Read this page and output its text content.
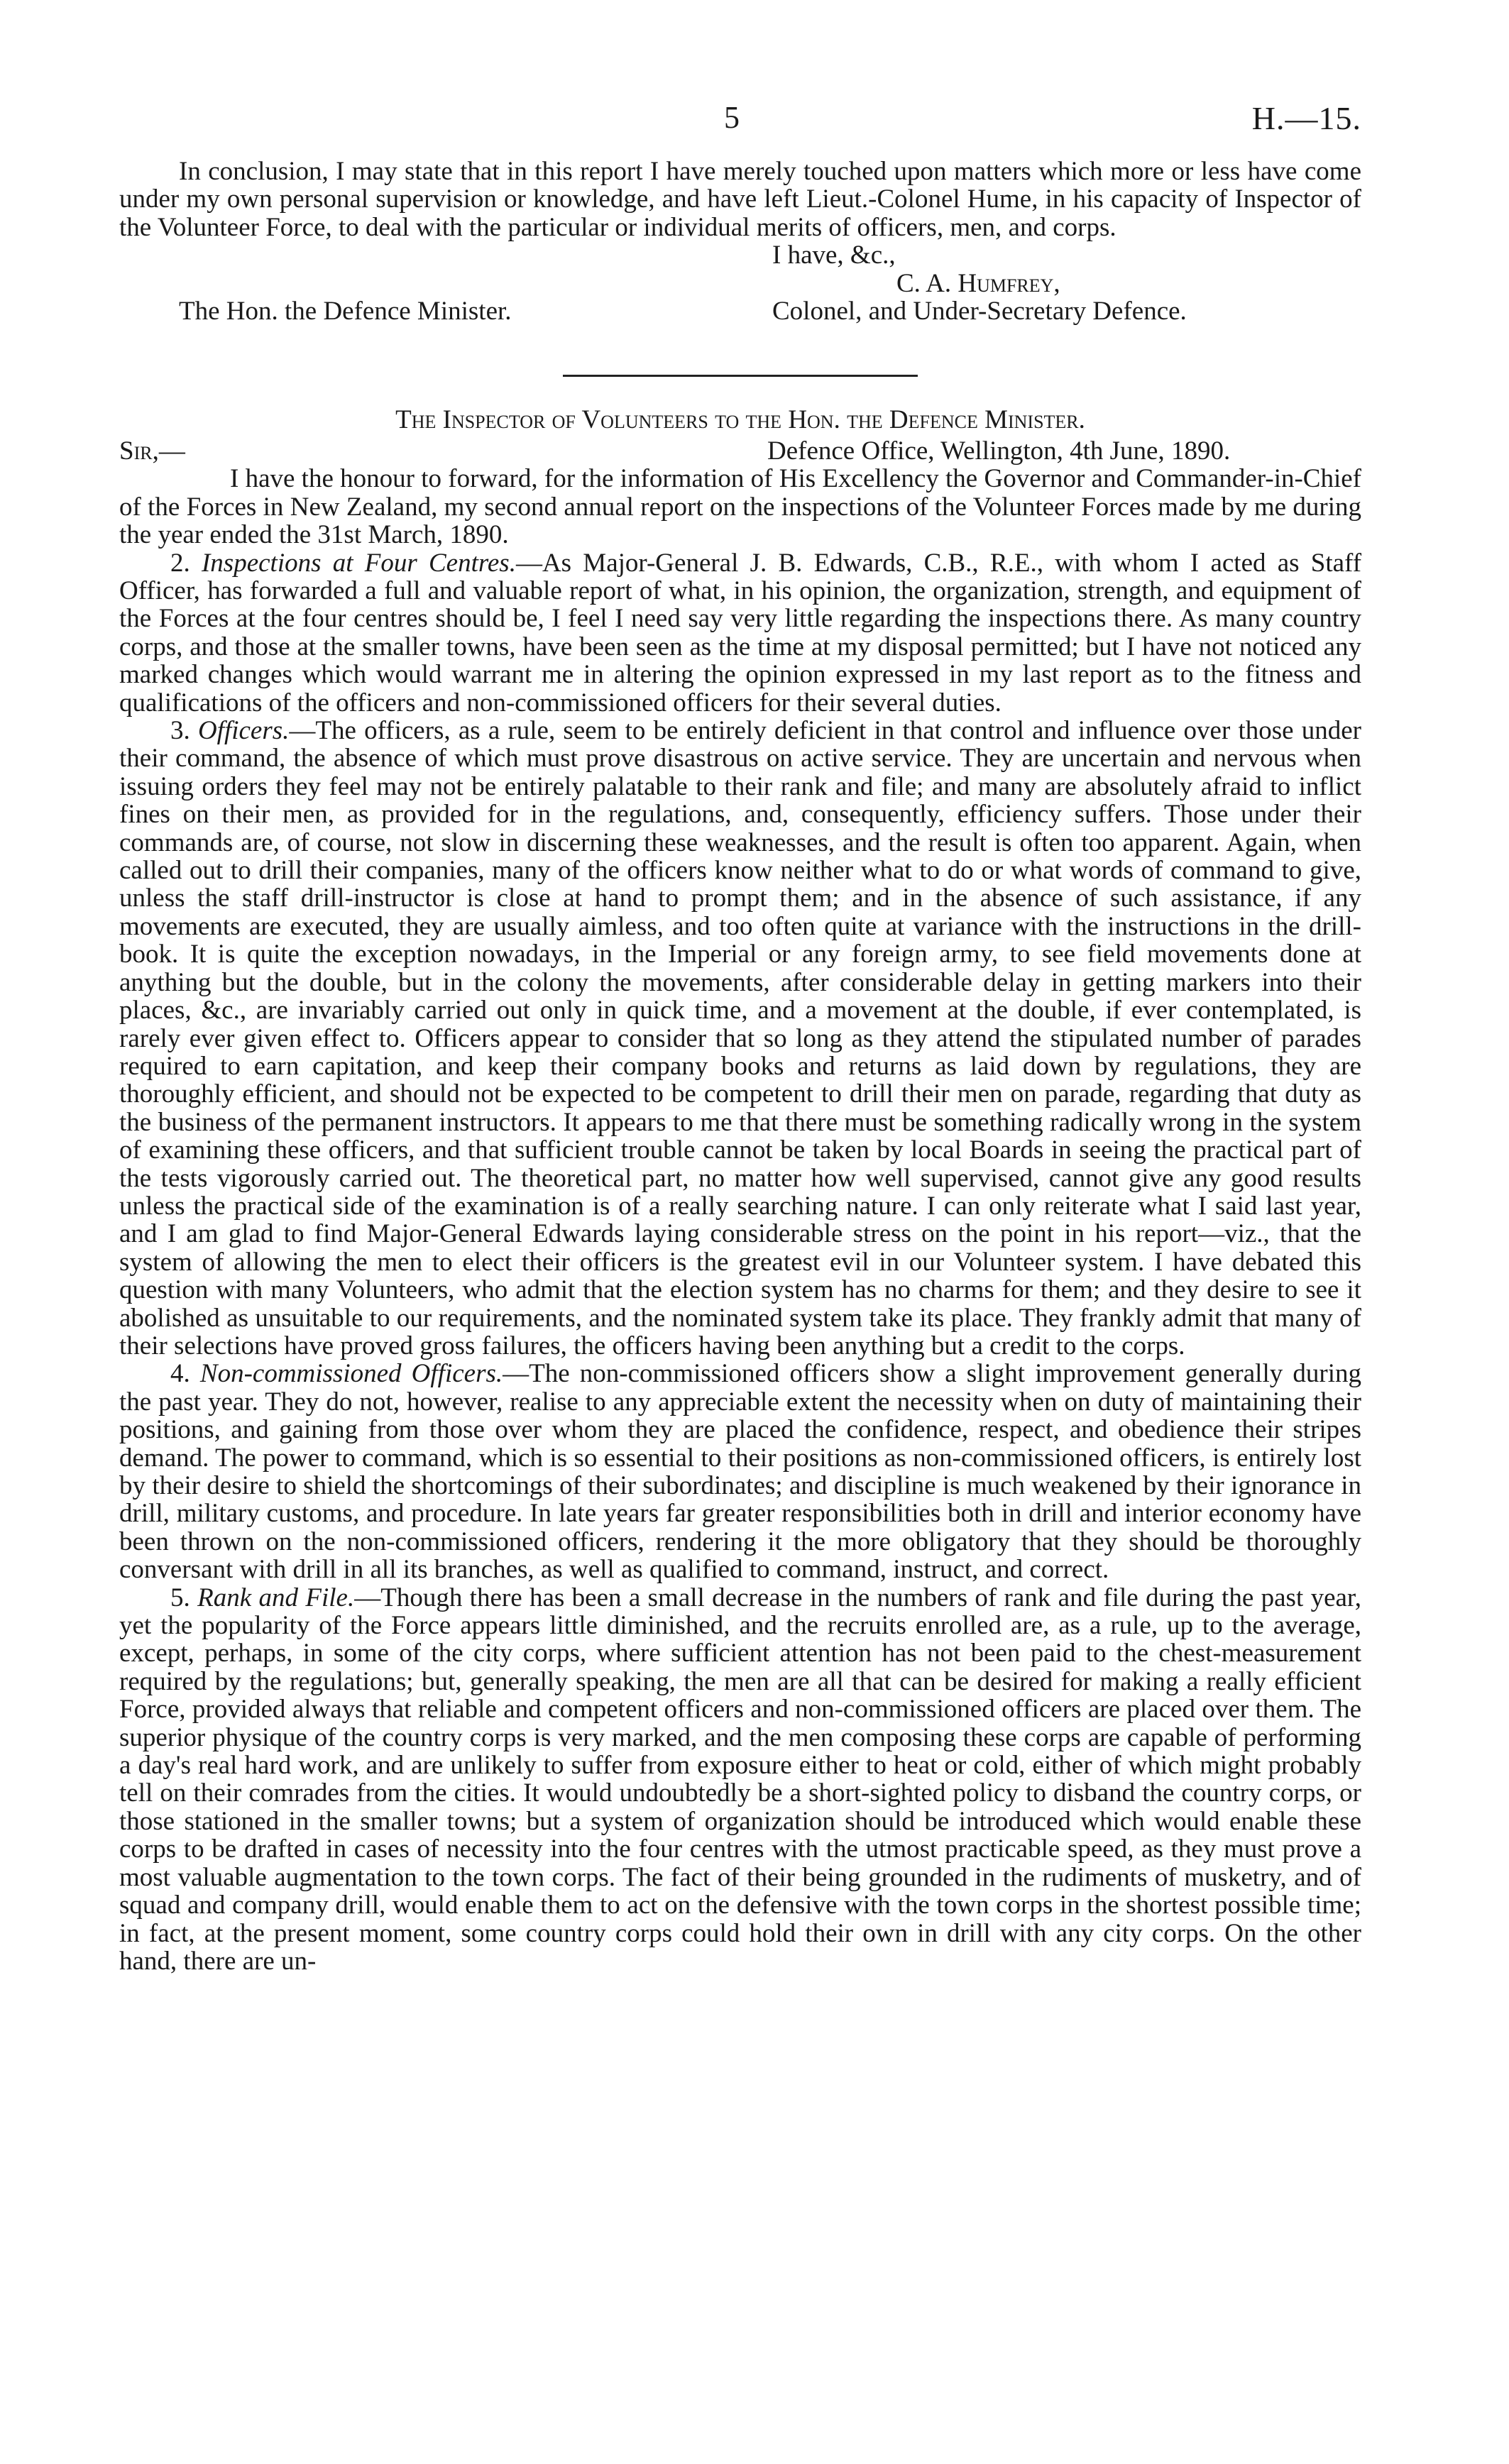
5	H.—15.

In conclusion, I may state that in this report I have merely touched upon matters which more or less have come under my own personal supervision or knowledge, and have left Lieut.-Colonel Hume, in his capacity of Inspector of the Volunteer Force, to deal with the particular or individual merits of officers, men, and corps.

I have, &c.,
C. A. Humfrey,
The Hon. the Defence Minister.	Colonel, and Under-Secretary Defence.
The Inspector of Volunteers to the Hon. the Defence Minister.
Sir,—	Defence Office, Wellington, 4th June, 1890.

I have the honour to forward, for the information of His Excellency the Governor and Commander-in-Chief of the Forces in New Zealand, my second annual report on the inspections of the Volunteer Forces made by me during the year ended the 31st March, 1890.

2. Inspections at Four Centres.—As Major-General J. B. Edwards, C.B., R.E., with whom I acted as Staff Officer, has forwarded a full and valuable report of what, in his opinion, the organization, strength, and equipment of the Forces at the four centres should be, I feel I need say very little regarding the inspections there. As many country corps, and those at the smaller towns, have been seen as the time at my disposal permitted; but I have not noticed any marked changes which would warrant me in altering the opinion expressed in my last report as to the fitness and qualifications of the officers and non-commissioned officers for their several duties.

3. Officers.—The officers, as a rule, seem to be entirely deficient in that control and influence over those under their command, the absence of which must prove disastrous on active service. They are uncertain and nervous when issuing orders they feel may not be entirely palatable to their rank and file; and many are absolutely afraid to inflict fines on their men, as provided for in the regulations, and, consequently, efficiency suffers. Those under their commands are, of course, not slow in discerning these weaknesses, and the result is often too apparent. Again, when called out to drill their companies, many of the officers know neither what to do or what words of command to give, unless the staff drill-instructor is close at hand to prompt them; and in the absence of such assistance, if any movements are executed, they are usually aimless, and too often quite at variance with the instructions in the drill-book. It is quite the exception nowadays, in the Imperial or any foreign army, to see field movements done at anything but the double, but in the colony the movements, after considerable delay in getting markers into their places, &c., are invariably carried out only in quick time, and a movement at the double, if ever contemplated, is rarely ever given effect to. Officers appear to consider that so long as they attend the stipulated number of parades required to earn capitation, and keep their company books and returns as laid down by regulations, they are thoroughly efficient, and should not be expected to be competent to drill their men on parade, regarding that duty as the business of the permanent instructors. It appears to me that there must be something radically wrong in the system of examining these officers, and that sufficient trouble cannot be taken by local Boards in seeing the practical part of the tests vigorously carried out. The theoretical part, no matter how well supervised, cannot give any good results unless the practical side of the examination is of a really searching nature. I can only reiterate what I said last year, and I am glad to find Major-General Edwards laying considerable stress on the point in his report—viz., that the system of allowing the men to elect their officers is the greatest evil in our Volunteer system. I have debated this question with many Volunteers, who admit that the election system has no charms for them; and they desire to see it abolished as unsuitable to our requirements, and the nominated system take its place. They frankly admit that many of their selections have proved gross failures, the officers having been anything but a credit to the corps.

4. Non-commissioned Officers.—The non-commissioned officers show a slight improvement generally during the past year. They do not, however, realise to any appreciable extent the necessity when on duty of maintaining their positions, and gaining from those over whom they are placed the confidence, respect, and obedience their stripes demand. The power to command, which is so essential to their positions as non-commissioned officers, is entirely lost by their desire to shield the shortcomings of their subordinates; and discipline is much weakened by their ignorance in drill, military customs, and procedure. In late years far greater responsibilities both in drill and interior economy have been thrown on the non-commissioned officers, rendering it the more obligatory that they should be thoroughly conversant with drill in all its branches, as well as qualified to command, instruct, and correct.

5. Rank and File.—Though there has been a small decrease in the numbers of rank and file during the past year, yet the popularity of the Force appears little diminished, and the recruits enrolled are, as a rule, up to the average, except, perhaps, in some of the city corps, where sufficient attention has not been paid to the chest-measurement required by the regulations; but, generally speaking, the men are all that can be desired for making a really efficient Force, provided always that reliable and competent officers and non-commissioned officers are placed over them. The superior physique of the country corps is very marked, and the men composing these corps are capable of performing a day's real hard work, and are unlikely to suffer from exposure either to heat or cold, either of which might probably tell on their comrades from the cities. It would undoubtedly be a short-sighted policy to disband the country corps, or those stationed in the smaller towns; but a system of organization should be introduced which would enable these corps to be drafted in cases of necessity into the four centres with the utmost practicable speed, as they must prove a most valuable augmentation to the town corps. The fact of their being grounded in the rudiments of musketry, and of squad and company drill, would enable them to act on the defensive with the town corps in the shortest possible time; in fact, at the present moment, some country corps could hold their own in drill with any city corps. On the other hand, there are un-
